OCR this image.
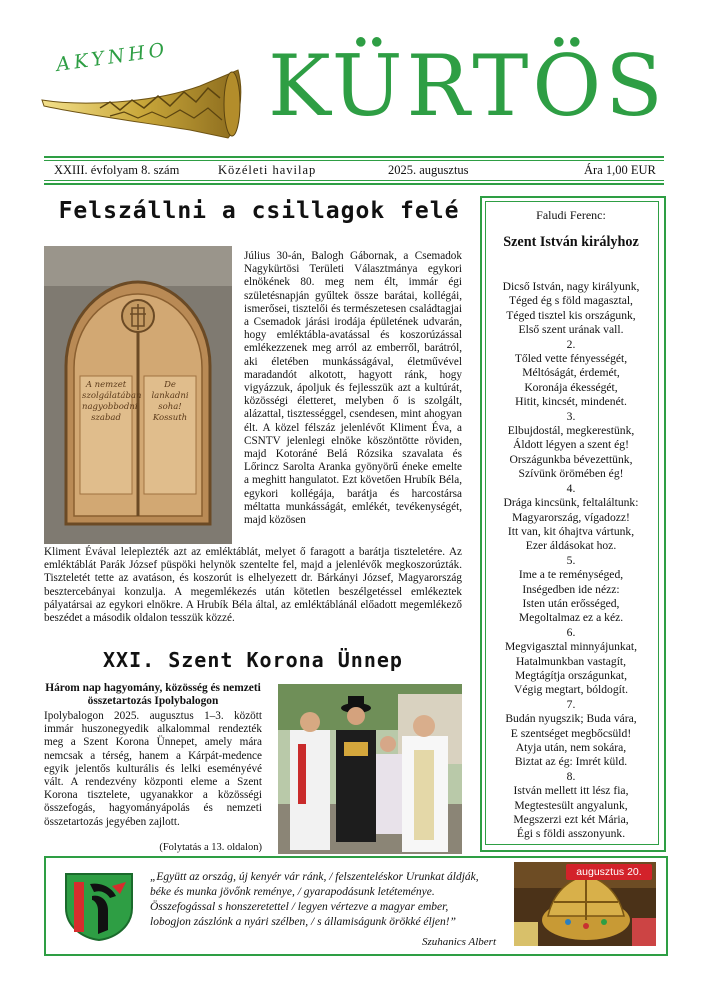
AKYNHO KÜRTÖS
XXIII. évfolyam 8. szám	Közéleti havilap	2025. augusztus	Ára 1,00 EUR
Felszállni a csillagok felé
A nemzet szolgálatában nagyobbodni szabad
De lankadni soha! Kossuth
Július 30-án, Balogh Gábornak, a Csemadok Nagykürtösi Területi Választmánya egykori elnökének 80. meg nem élt, immár égi születésnapján gyűltek össze barátai, kollégái, ismerősei, tisztelői és természetesen családtagjai a Csemadok járási irodája épületének udvarán, hogy emléktábla-avatással és koszorúzással emlékezzenek meg arról az emberről, barátról, aki életében munkásságával, életművével maradandót alkotott, hagyott ránk, hogy vigyázzuk, ápoljuk és fejlesszük azt a kultúrát, közösségi életteret, melyben ő is szolgált, alázattal, tisztességgel, csendesen, mint ahogyan élt. A közel félszáz jelenlévőt Kliment Éva, a CSNTV jelenlegi elnöke köszöntötte röviden, majd Kotoráné Belá Rózsika szavalata és Lőrincz Sarolta Aranka gyönyörű éneke emelte a meghitt hangulatot. Ezt követően Hrubík Béla, egykori kollégája, barátja és harcostársa méltatta munkásságát, emlékét, tevékenységét, majd közösen
Kliment Évával leleplezték azt az emléktáblát, melyet ő faragott a barátja tiszteletére. Az emléktáblát Parák József püspöki helynök szentelte fel, majd a jelenlévők megkoszorúzták. Tiszteletét tette az avatáson, és koszorút is elhelyezett dr. Bárkányi József, Magyarország besztercebányai konzulja. A megemlékezés után kötetlen beszélgetéssel emlékeztek pályatársai az egykori elnökre. A Hrubík Béla által, az emléktáblánál előadott megemlékező beszédet a második oldalon tesszük közzé.
XXI. Szent Korona Ünnep
Három nap hagyomány, közösség és nemzeti összetartozás Ipolybalogon
Ipolybalogon 2025. augusztus 1–3. között immár huszonegyedik alkalommal rendezték meg a Szent Korona Ünnepet, amely mára nemcsak a térség, hanem a Kárpát-medence egyik jelentős kulturális és lelki eseményévé vált. A rendezvény központi eleme a Szent Korona tisztelete, ugyanakkor a közösségi összefogás, hagyományápolás és nemzeti összetartozás jegyében zajlott.
(Folytatás a 13. oldalon)
Faludi Ferenc:
Szent István királyhoz
Dicső István, nagy királyunk,
Téged ég s föld magasztal,
Téged tisztel kis országunk,
Első szent urának vall.
2.
Tőled vette fényességét,
Méltóságát, érdemét,
Koronája ékességét,
Hitit, kincsét, mindenét.
3.
Elbujdostál, megkerestünk,
Áldott légyen a szent ég!
Országunkba bévezettünk,
Szívünk örömében ég!
4.
Drága kincsünk, feltaláltunk:
Magyarország, vígadozz!
Itt van, kit óhajtva vártunk,
Ezer áldásokat hoz.
5.
Ime a te reménységed,
Inségedben ide nézz:
Isten után erősséged,
Megoltalmaz ez a kéz.
6.
Megvigasztal minnyájunkat,
Hatalmunkban vastagít,
Megtágítja országunkat,
Végig megtart, bóldogít.
7.
Budán nyugszik; Buda vára,
E szentséget megbőcsüld!
Atyja után, nem sokára,
Biztat az ég: Imrét küld.
8.
István mellett itt lész fia,
Megtestesült angyalunk,
Megszerzi ezt két Mária,
Égi s földi asszonyunk.
„Együtt az ország, új kenyér vár ránk, / felszenteléskor Urunkat áldják,
béke és munka jövőnk reménye, / gyarapodásunk letéteménye.
Összefogással s honszeretettel / legyen vértezve a magyar ember,
lobogjon zászlónk a nyári szélben, / s államiságunk örökké éljen!”
Szuhanics Albert
augusztus 20.
